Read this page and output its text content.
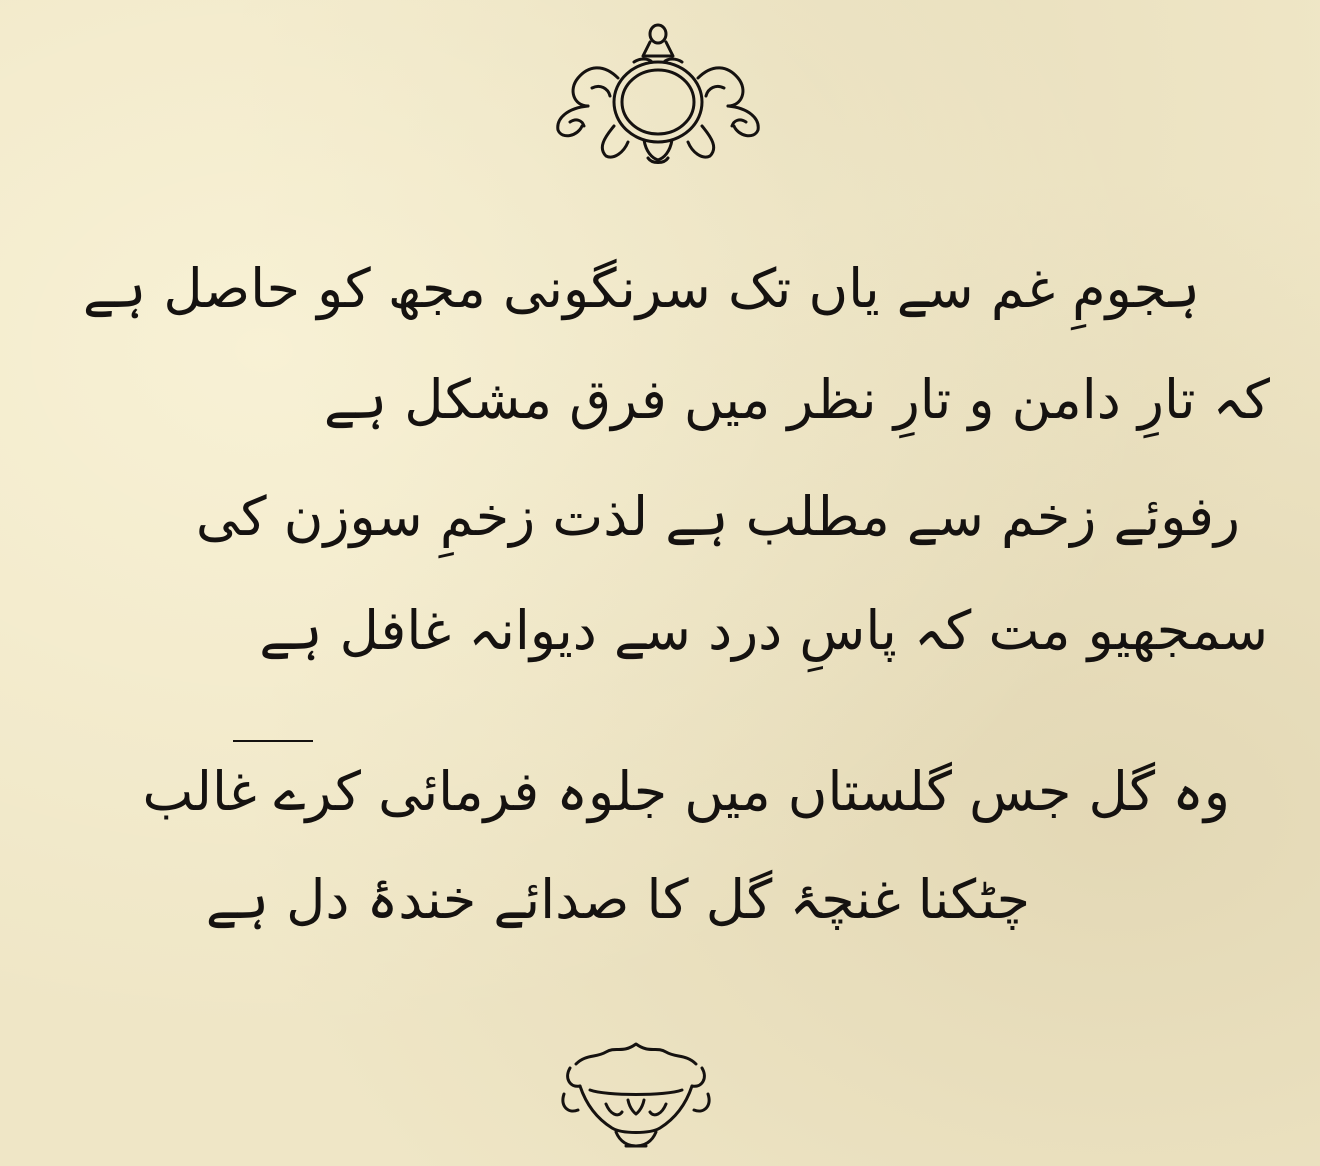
ہجومِ غم سے یاں تک سرنگونی مجھ کو حاصل ہے
کہ تارِ دامن و تارِ نظر میں فرق مشکل ہے
رفوئے زخم سے مطلب ہے لذت زخمِ سوزن کی
سمجھیو مت کہ پاسِ درد سے دیوانہ غافل ہے
وہ گل جس گلستاں میں جلوہ فرمائی کرے غالب
چٹکنا غنچۂ گل کا صدائے خندۂ دل ہے
